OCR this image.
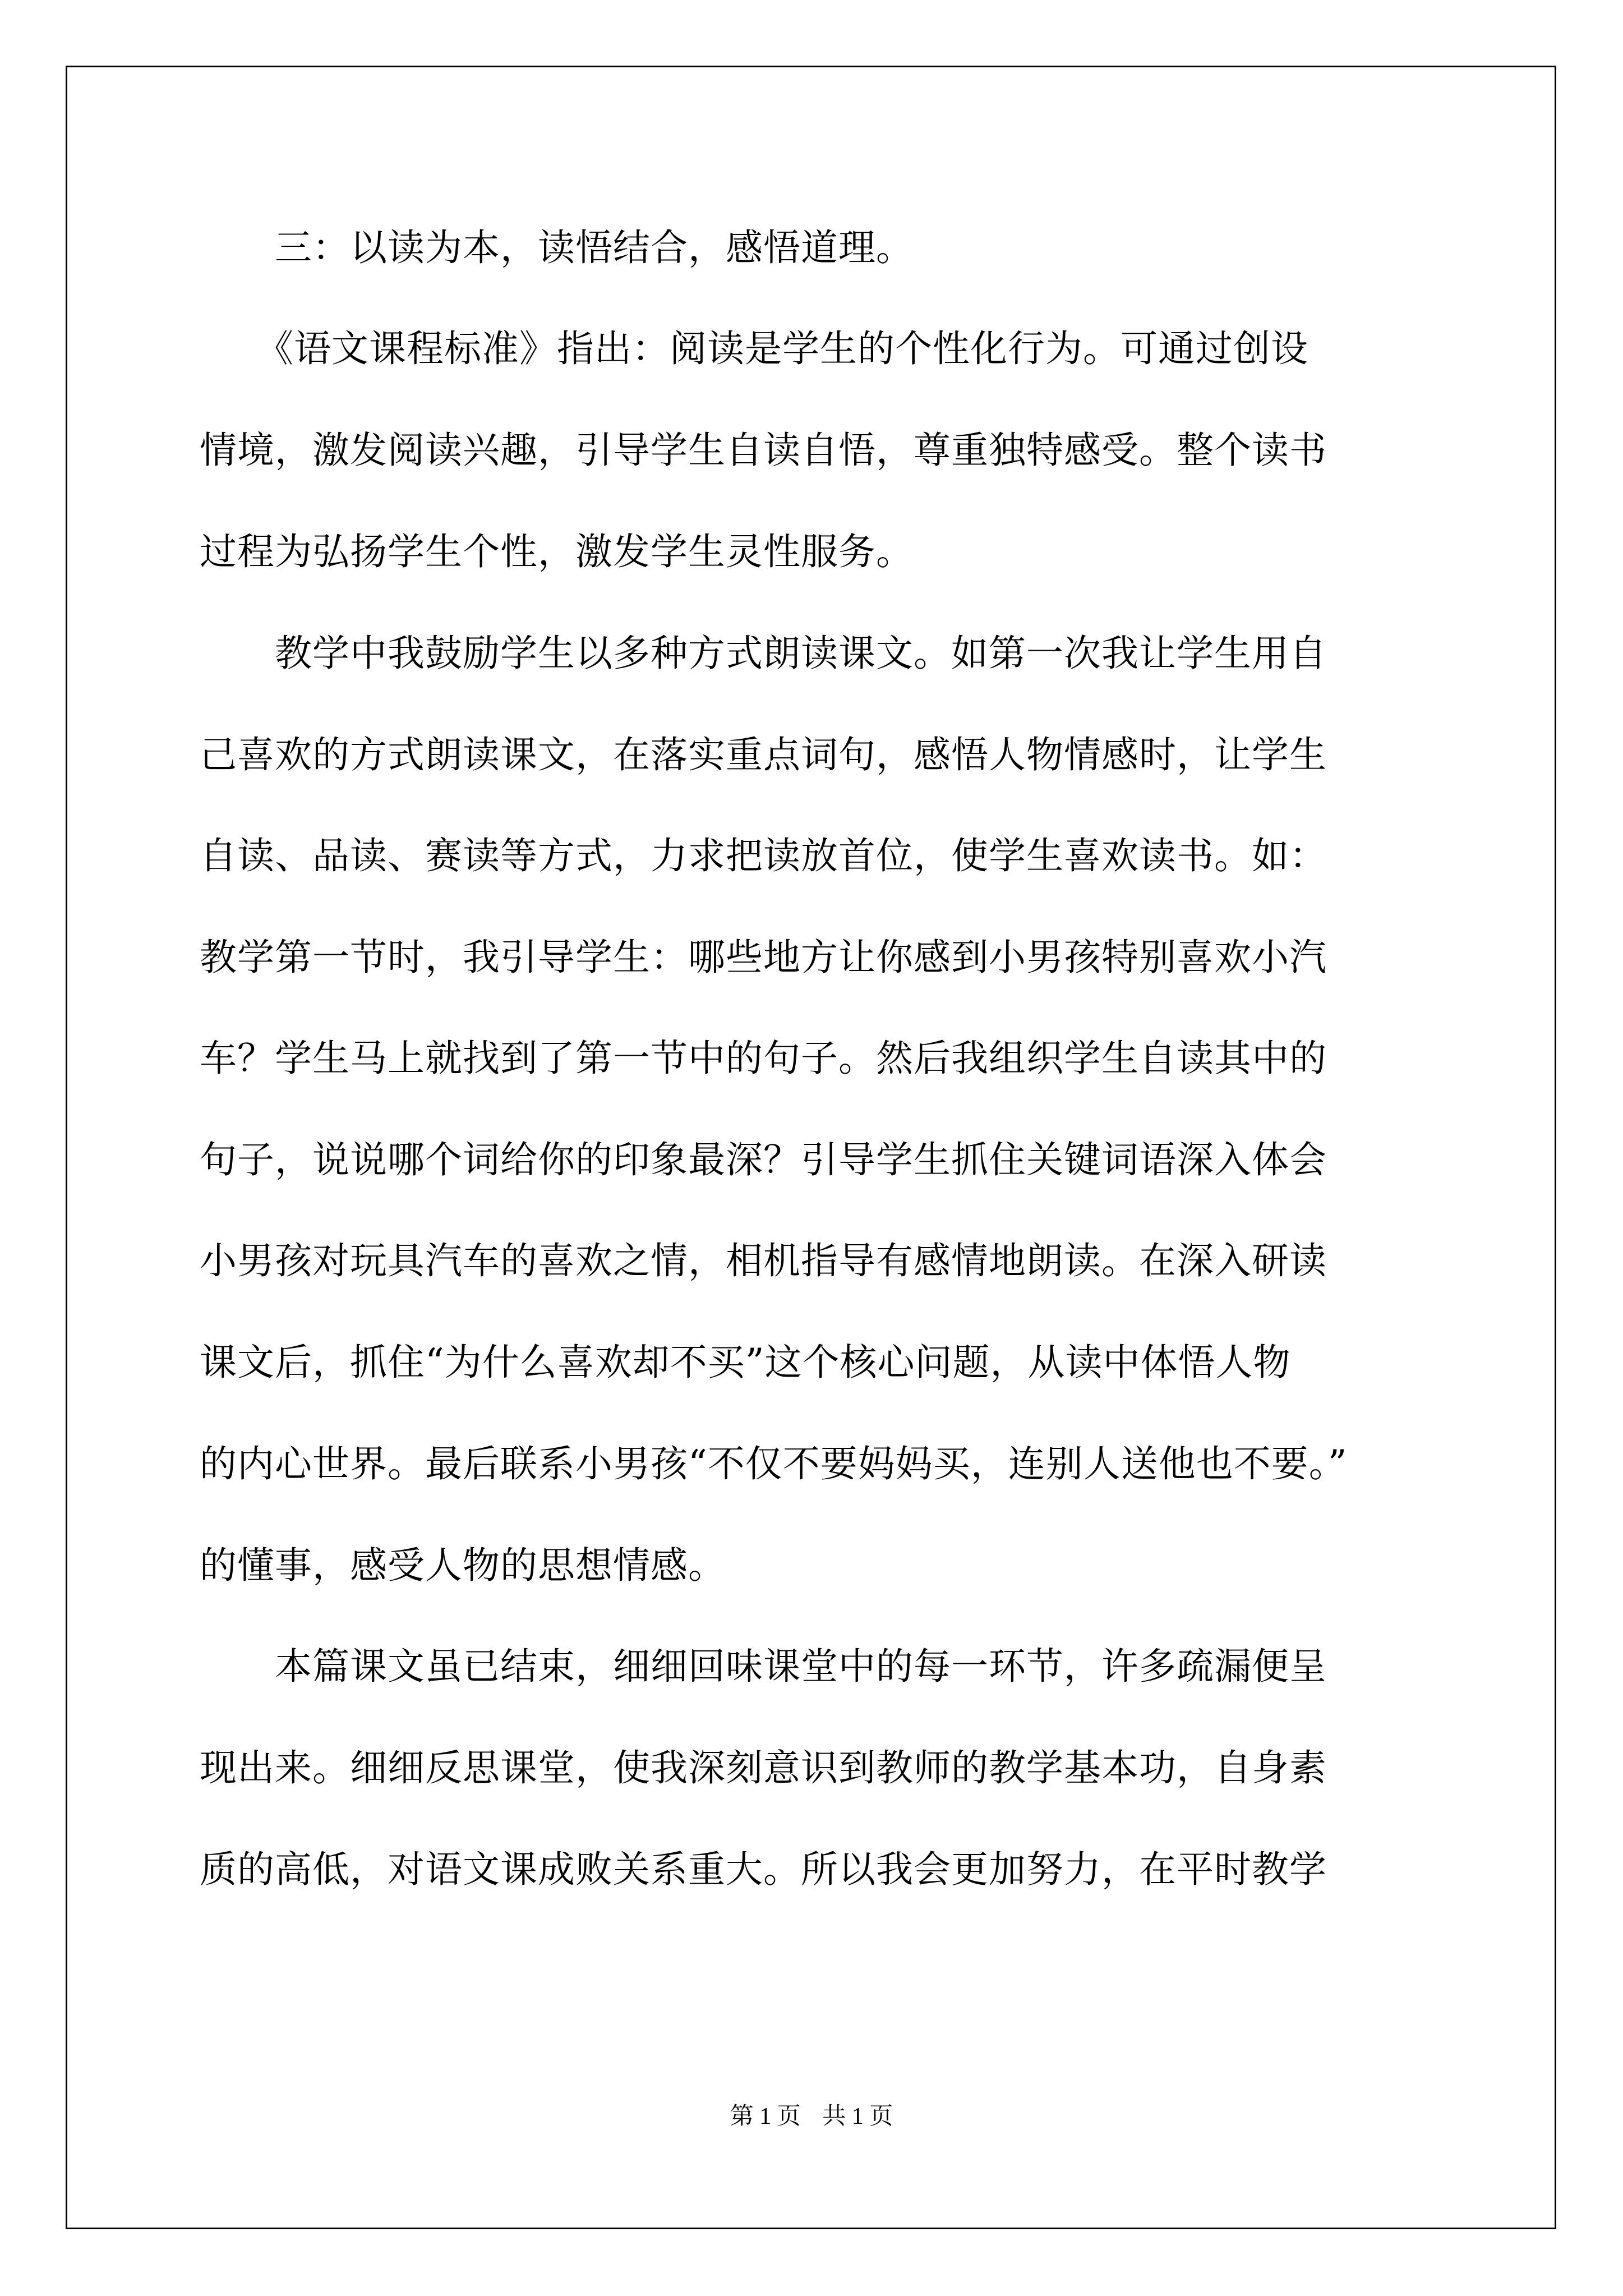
　　三：以读为本，读悟结合，感悟道理。
　　《语文课程标准》指出：阅读是学生的个性化行为。可通过创设
情境，激发阅读兴趣，引导学生自读自悟，尊重独特感受。整个读书
过程为弘扬学生个性，激发学生灵性服务。
　　教学中我鼓励学生以多种方式朗读课文。如第一次我让学生用自
己喜欢的方式朗读课文，在落实重点词句，感悟人物情感时，让学生
自读、品读、赛读等方式，力求把读放首位，使学生喜欢读书。如：
教学第一节时，我引导学生：哪些地方让你感到小男孩特别喜欢小汽
车？学生马上就找到了第一节中的句子。然后我组织学生自读其中的
句子，说说哪个词给你的印象最深？引导学生抓住关键词语深入体会
小男孩对玩具汽车的喜欢之情，相机指导有感情地朗读。在深入研读
课文后，抓住“为什么喜欢却不买”这个核心问题，从读中体悟人物
的内心世界。最后联系小男孩“不仅不要妈妈买，连别人送他也不要。”
的懂事，感受人物的思想情感。
　　本篇课文虽已结束，细细回味课堂中的每一环节，许多疏漏便呈
现出来。细细反思课堂，使我深刻意识到教师的教学基本功，自身素
质的高低，对语文课成败关系重大。所以我会更加努力，在平时教学
第 1 页 共 1 页
